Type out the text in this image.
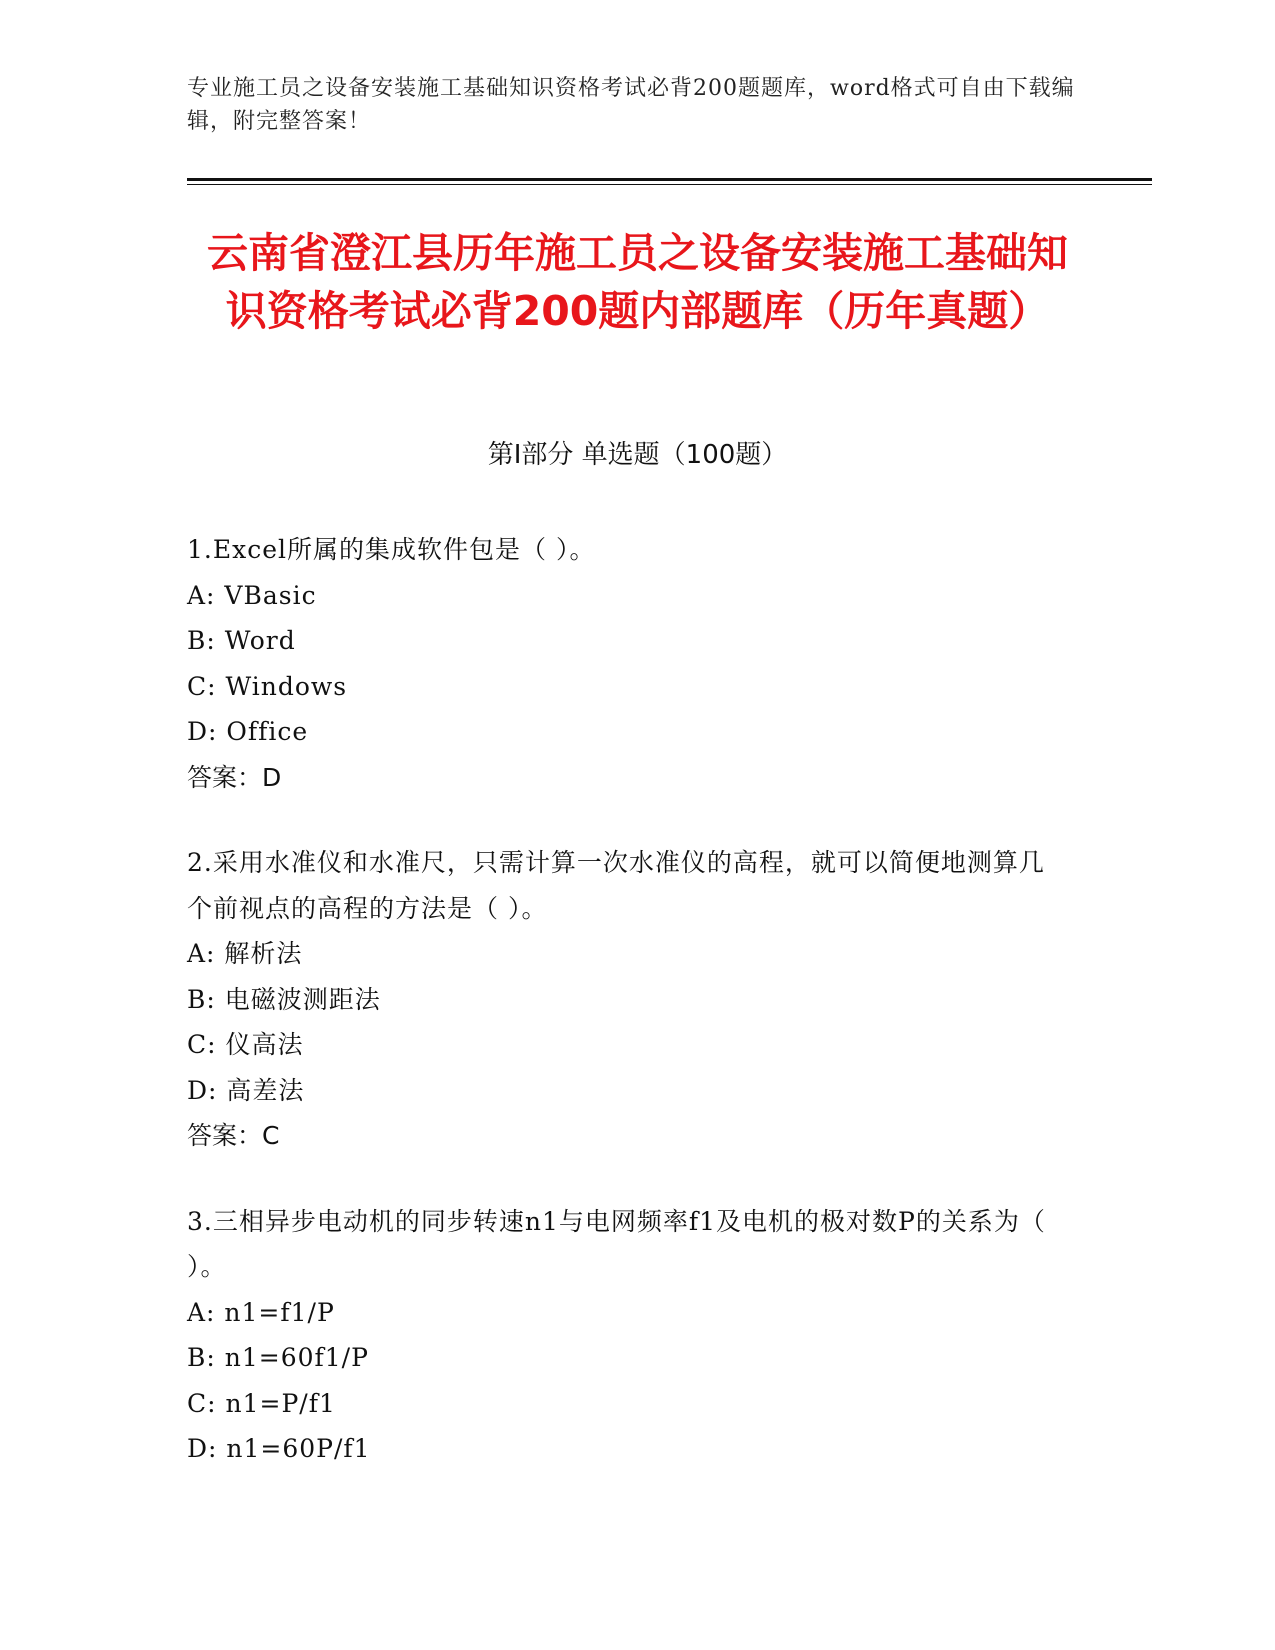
专业施工员之设备安装施工基础知识资格考试必背200题题库，word格式可自由下载编辑，附完整答案！
云南省澄江县历年施工员之设备安装施工基础知识资格考试必背200题内部题库（历年真题）
第I部分 单选题（100题）
1.Excel所属的集成软件包是（ ）。
A: VBasic
B: Word
C: Windows
D: Office
答案：D
2.采用水准仪和水准尺，只需计算一次水准仪的高程，就可以简便地测算几个前视点的高程的方法是（ ）。
A: 解析法
B: 电磁波测距法
C: 仪高法
D: 高差法
答案：C
3.三相异步电动机的同步转速n1与电网频率f1及电机的极对数P的关系为（ ）。
A: n1=f1/P
B: n1=60f1/P
C: n1=P/f1
D: n1=60P/f1
